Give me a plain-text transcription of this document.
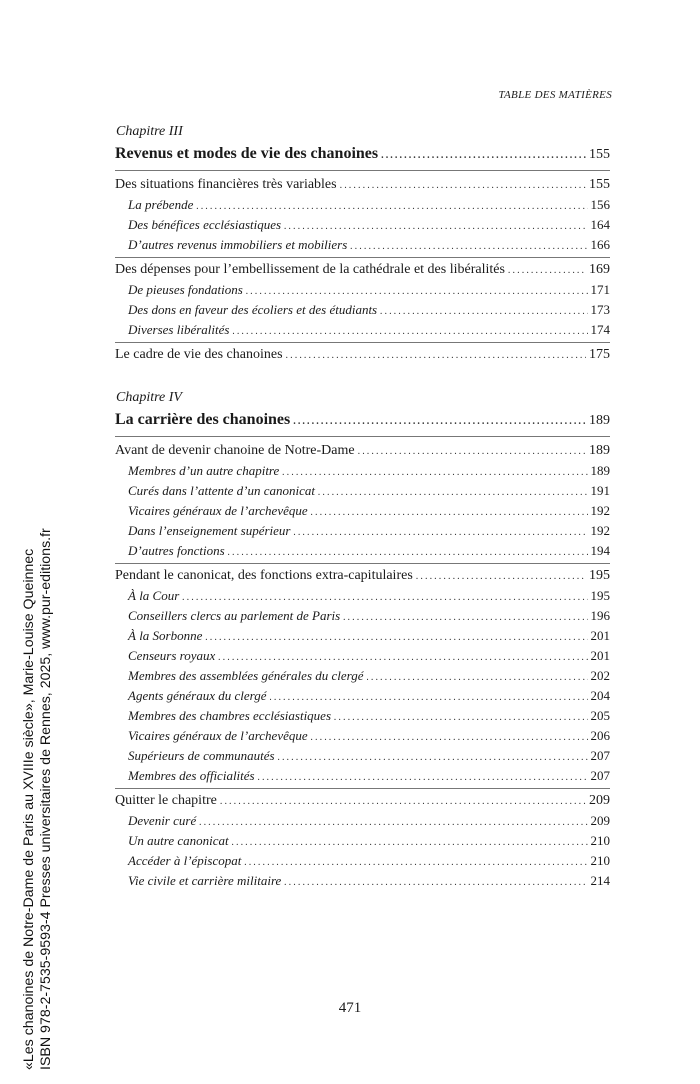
TABLE DES MATIÈRES
Chapitre III
Revenus et modes de vie des chanoines . . .	155
Des situations financières très variables . . .	155
La prébende . . .	156
Des bénéfices ecclésiastiques . . .	164
D’autres revenus immobiliers et mobiliers . . .	166
Des dépenses pour l’embellissement de la cathédrale et des libéralités . . .	169
De pieuses fondations . . .	171
Des dons en faveur des écoliers et des étudiants . . .	173
Diverses libéralités . . .	174
Le cadre de vie des chanoines . . .	175
Chapitre IV
La carrière des chanoines . . .	189
Avant de devenir chanoine de Notre-Dame . . .	189
Membres d’un autre chapitre . . .	189
Curés dans l’attente d’un canonicat . . .	191
Vicaires généraux de l’archevêque . . .	192
Dans l’enseignement supérieur . . .	192
D’autres fonctions . . .	194
Pendant le canonicat, des fonctions extra-capitulaires . . .	195
À la Cour . . .	195
Conseillers clercs au parlement de Paris . . .	196
À la Sorbonne . . .	201
Censeurs royaux . . .	201
Membres des assemblées générales du clergé . . .	202
Agents généraux du clergé . . .	204
Membres des chambres ecclésiastiques . . .	205
Vicaires généraux de l’archevêque . . .	206
Supérieurs de communautés . . .	207
Membres des officialités . . .	207
Quitter le chapitre . . .	209
Devenir curé . . .	209
Un autre canonicat . . .	210
Accéder à l’épiscopat . . .	210
Vie civile et carrière militaire . . .	214
471
«Les chanoines de Notre-Dame de Paris au XVIIIe siècle», Marie-Louise Queinnec ISBN 978-2-7535-9593-4 Presses universitaires de Rennes, 2025, www.pur-editions.fr
